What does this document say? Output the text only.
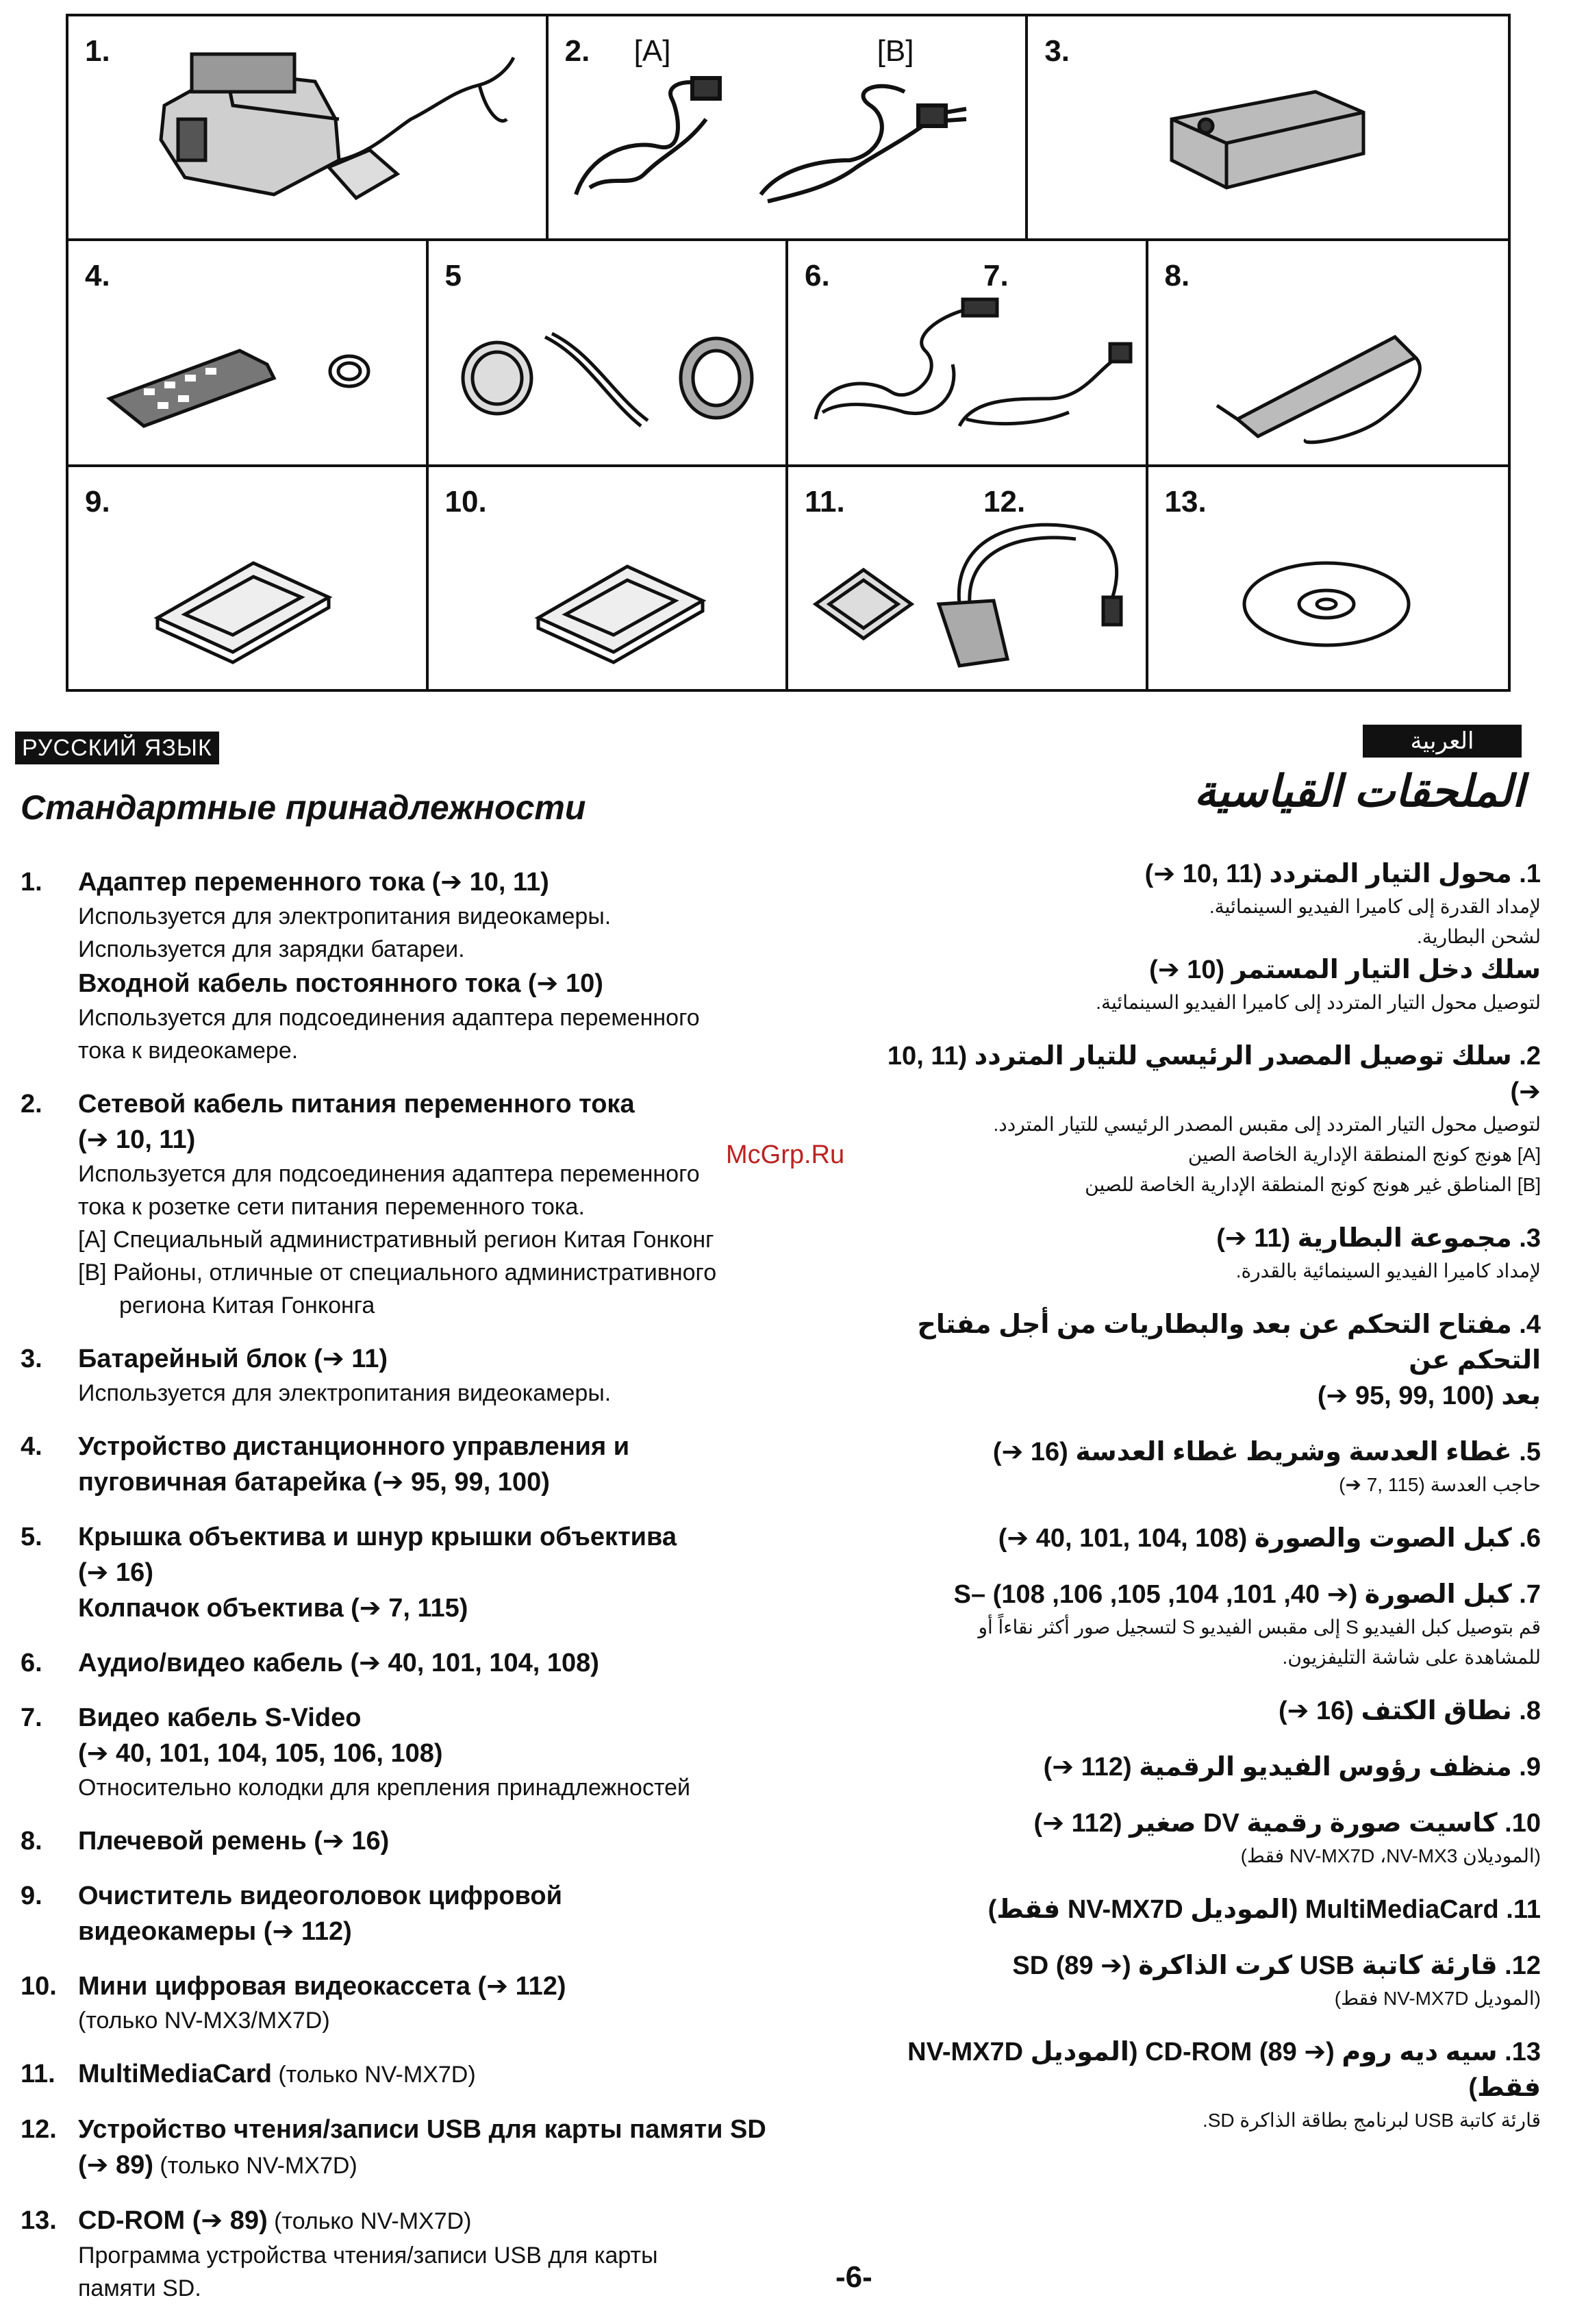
1.	2. [A]	[B]	3.
4.	5	6.	7.	8.
9.	10.	11.	12.	13.
РУССКИЙ ЯЗЫК	العربية
Стандартные принадлежности	الملحقات القياسية
McGrp.Ru
1. Адаптер переменного тока (➔ 10, 11)
Используется для электропитания видеокамеры.
Используется для зарядки батареи.
Входной кабель постоянного тока (➔ 10)
Используется для подсоединения адаптера переменного
тока к видеокамере.
2. Сетевой кабель питания переменного тока
(➔ 10, 11)
Используется для подсоединения адаптера переменного
тока к розетке сети питания переменного тока.
[A] Специальный административный регион Китая Гонконг
[B] Районы, отличные от специального административного
региона Китая Гонконга
3. Батарейный блок (➔ 11)
Используется для электропитания видеокамеры.
4. Устройство дистанционного управления и
пуговичная батарейка (➔ 95, 99, 100)
5. Крышка объектива и шнур крышки объектива
(➔ 16)
Колпачок объектива (➔ 7, 115)
6. Аудио/видео кабель (➔ 40, 101, 104, 108)
7. Видео кабель S-Video
(➔ 40, 101, 104, 105, 106, 108)
Относительно колодки для крепления принадлежностей
8. Плечевой ремень (➔ 16)
9. Очиститель видеоголовок цифровой
видеокамеры (➔ 112)
10. Мини цифровая видеокассета (➔ 112)
(только NV-MX3/MX7D)
11. MultiMediaCard (только NV-MX7D)
12. Устройство чтения/записи USB для карты памяти SD
(➔ 89) (только NV-MX7D)
13. CD-ROM (➔ 89) (только NV-MX7D)
Программа устройства чтения/записи USB для карты
памяти SD.
1. محول التيار المتردد (11 ,10 ➔)
لإمداد القدرة إلى كاميرا الفيديو السينمائية.
لشحن البطارية.
سلك دخل التيار المستمر (10 ➔)
لتوصيل محول التيار المتردد إلى كاميرا الفيديو السينمائية.
2. سلك توصيل المصدر الرئيسي للتيار المتردد (11 ,10 ➔)
لتوصيل محول التيار المتردد إلى مقبس المصدر الرئيسي للتيار المتردد.
[A] هونج كونج المنطقة الإدارية الخاصة الصين
[B] المناطق غير هونج كونج المنطقة الإدارية الخاصة للصين
3. مجموعة البطارية (11 ➔)
لإمداد كاميرا الفيديو السينمائية بالقدرة.
4. مفتاح التحكم عن بعد والبطاريات من أجل مفتاح التحكم عن
بعد (100 ,99 ,95 ➔)
5. غطاء العدسة وشريط غطاء العدسة (16 ➔)
حاجب العدسة (115 ,7 ➔)
6. كبل الصوت والصورة (108 ,104 ,101 ,40 ➔)
7. كبل الصورة S– (108 ,106 ,105 ,104 ,101 ,40 ➔)
قم بتوصيل كبل الفيديو S إلى مقبس الفيديو S لتسجيل صور أكثر نقاءاً أو
للمشاهدة على شاشة التليفزيون.
8. نطاق الكتف (16 ➔)
9. منظف رؤوس الفيديو الرقمية (112 ➔)
10. كاسيت صورة رقمية DV صغير (112 ➔)
(الموديلان NV-MX7D ،NV-MX3 فقط)
11. MultiMediaCard (الموديل NV-MX7D فقط)
12. قارئة كاتبة USB كرت الذاكرة SD (89 ➔)
(الموديل NV-MX7D فقط)
13. سيه ديه روم CD-ROM (89 ➔) (الموديل NV-MX7D فقط)
قارئة كاتبة USB لبرنامج بطاقة الذاكرة SD.
-6-
